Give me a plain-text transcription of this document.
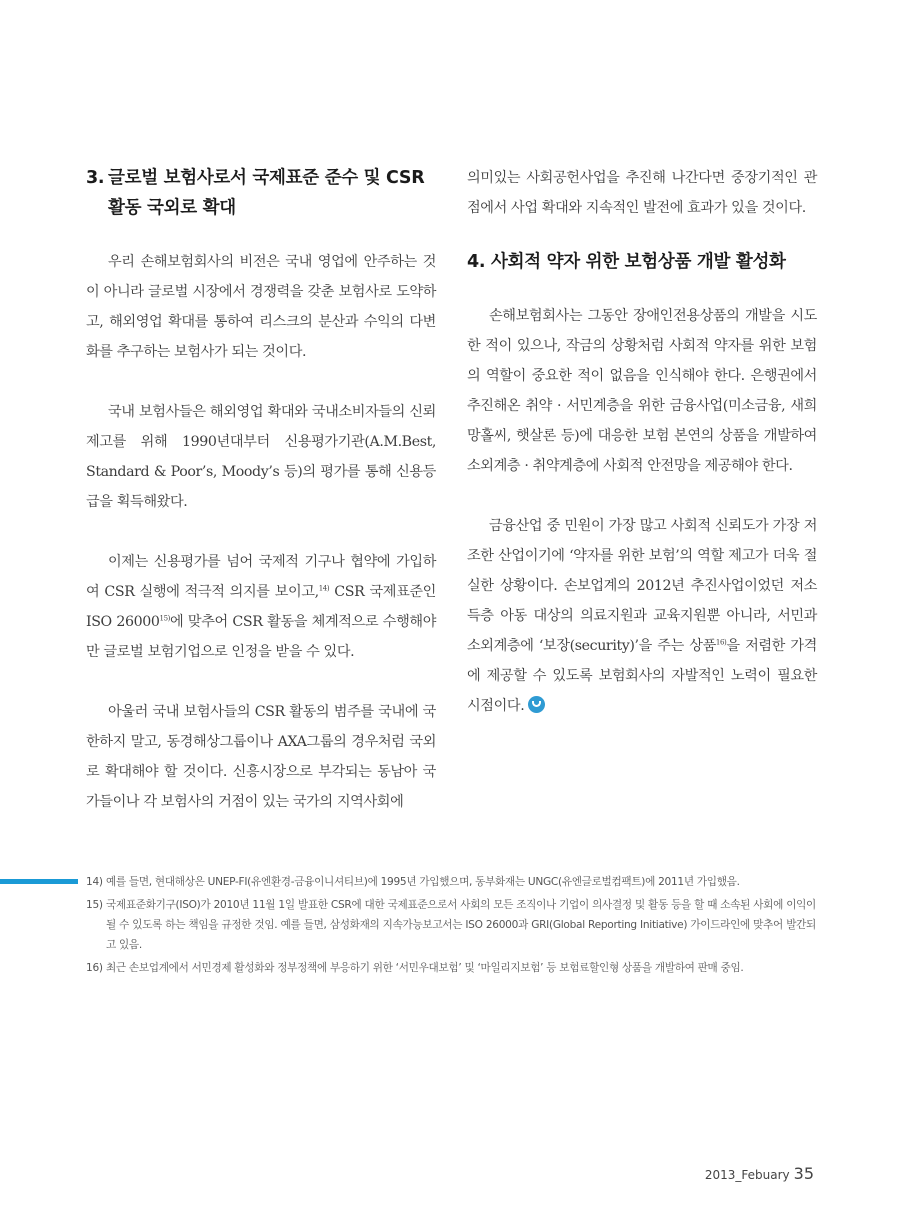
3. 글로벌 보험사로서 국제표준 준수 및 CSR
활동 국외로 확대

우리 손해보험회사의 비전은 국내 영업에 안주하는 것이 아니라 글로벌 시장에서 경쟁력을 갖춘 보험사로 도약하고, 해외영업 확대를 통하여 리스크의 분산과 수익의 다변화를 추구하는 보험사가 되는 것이다.

국내 보험사들은 해외영업 확대와 국내소비자들의 신뢰 제고를 위해 1990년대부터 신용평가기관(A.M.Best, Standard & Poor’s, Moody’s 등)의 평가를 통해 신용등급을 획득해왔다.

이제는 신용평가를 넘어 국제적 기구나 협약에 가입하여 CSR 실행에 적극적 의지를 보이고,$^{14)}$ CSR 국제표준인 ISO 26000$^{15)}$에 맞추어 CSR 활동을 체계적으로 수행해야만 글로벌 보험기업으로 인정을 받을 수 있다.

아울러 국내 보험사들의 CSR 활동의 범주를 국내에 국한하지 말고, 동경해상그룹이나 AXA그룹의 경우처럼 국외로 확대해야 할 것이다. 신흥시장으로 부각되는 동남아 국가들이나 각 보험사의 거점이 있는 국가의 지역사회에

의미있는 사회공헌사업을 추진해 나간다면 중장기적인 관점에서 사업 확대와 지속적인 발전에 효과가 있을 것이다.

4. 사회적 약자 위한 보험상품 개발 활성화

손해보험회사는 그동안 장애인전용상품의 개발을 시도한 적이 있으나, 작금의 상황처럼 사회적 약자를 위한 보험의 역할이 중요한 적이 없음을 인식해야 한다. 은행권에서 추진해온 취약 · 서민계층을 위한 금융사업(미소금융, 새희망홀씨, 햇살론 등)에 대응한 보험 본연의 상품을 개발하여 소외계층 · 취약계층에 사회적 안전망을 제공해야 한다.

금융산업 중 민원이 가장 많고 사회적 신뢰도가 가장 저조한 산업이기에 ‘약자를 위한 보험’의 역할 제고가 더욱 절실한 상황이다. 손보업계의 2012년 추진사업이었던 저소득층 아동 대상의 의료지원과 교육지원뿐 아니라, 서민과 소외계층에 ‘보장(security)’을 주는 상품$^{16)}$을 저렴한 가격에 제공할 수 있도록 보험회사의 자발적인 노력이 필요한 시점이다.

14) 예를 들면, 현대해상은 UNEP-FI(유엔환경-금융이니셔티브)에 1995년 가입했으며, 동부화재는 UNGC(유엔글로벌컴팩트)에 2011년 가입했음.
15) 국제표준화기구(ISO)가 2010년 11월 1일 발표한 CSR에 대한 국제표준으로서 사회의 모든 조직이나 기업이 의사결정 및 활동 등을 할 때 소속된 사회에 이익이 될 수 있도록 하는 책임을 규정한 것임. 예를 들면, 삼성화재의 지속가능보고서는 ISO 26000과 GRI(Global Reporting Initiative) 가이드라인에 맞추어 발간되고 있음.
16) 최근 손보업계에서 서민경제 활성화와 정부정책에 부응하기 위한 ‘서민우대보험’ 및 ‘마일리지보험’ 등 보험료할인형 상품을 개발하여 판매 중임.
2013_Febuary 35
